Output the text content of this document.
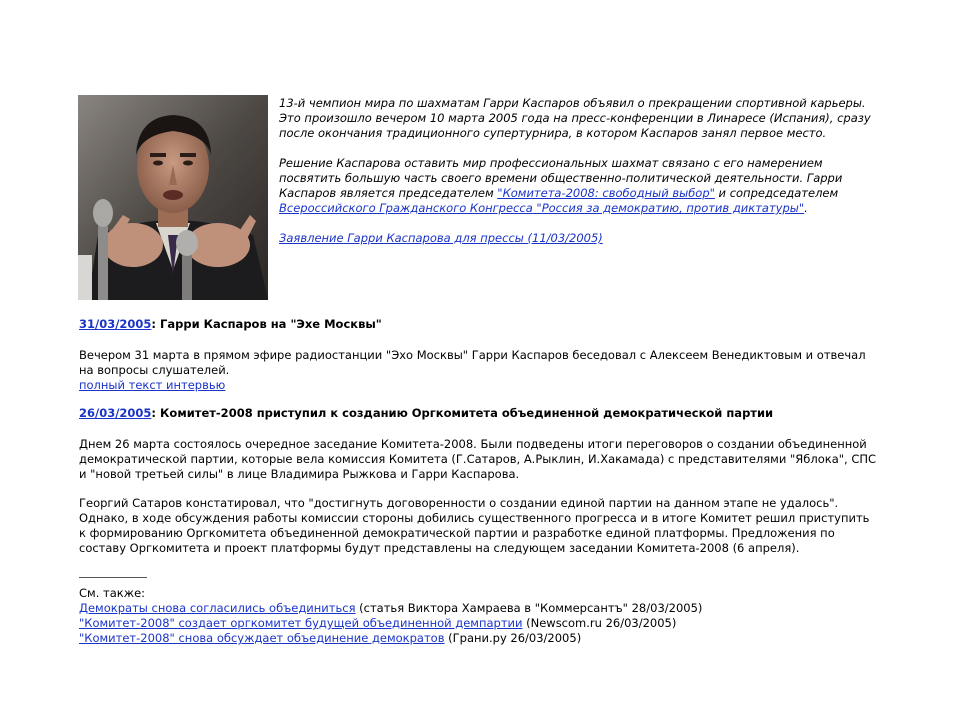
13-й чемпион мира по шахматам Гарри Каспаров объявил о прекращении спортивной карьеры. Это произошло вечером 10 марта 2005 года на пресс-конференции в Линаресе (Испания), сразу после окончания традиционного супертурнира, в котором Каспаров занял первое место.

Решение Каспарова оставить мир профессиональных шахмат связано с его намерением посвятить большую часть своего времени общественно-политической деятельности. Гарри Каспаров является председателем "Комитета-2008: свободный выбор" и сопредседателем Всероссийского Гражданского Конгресса "Россия за демократию, против диктатуры".

Заявление Гарри Каспарова для прессы (11/03/2005)

31/03/2005: Гарри Каспаров на "Эхе Москвы"

Вечером 31 марта в прямом эфире радиостанции "Эхо Москвы" Гарри Каспаров беседовал с Алексеем Венедиктовым и отвечал на вопросы слушателей.

полный текст интервью

26/03/2005: Комитет-2008 приступил к созданию Оргкомитета объединенной демократической партии

Днем 26 марта состоялось очередное заседание Комитета-2008. Были подведены итоги переговоров о создании объединенной демократической партии, которые вела комиссия Комитета (Г.Сатаров, А.Рыклин, И.Хакамада) с представителями "Яблока", СПС и "новой третьей силы" в лице Владимира Рыжкова и Гарри Каспарова.

Георгий Сатаров констатировал, что "достигнуть договоренности о создании единой партии на данном этапе не удалось". Однако, в ходе обсуждения работы комиссии стороны добились существенного прогресса и в итоге Комитет решил приступить к формированию Оргкомитета объединенной демократической партии и разработке единой платформы. Предложения по составу Оргкомитета и проект платформы будут представлены на следующем заседании Комитета-2008 (6 апреля).

См. также:

Демократы снова согласились объединиться (статья Виктора Хамраева в "Коммерсантъ" 28/03/2005)

"Комитет-2008" создает оргкомитет будущей объединенной демпартии (Newscom.ru 26/03/2005)

"Комитет-2008" снова обсуждает объединение демократов (Грани.ру 26/03/2005)
